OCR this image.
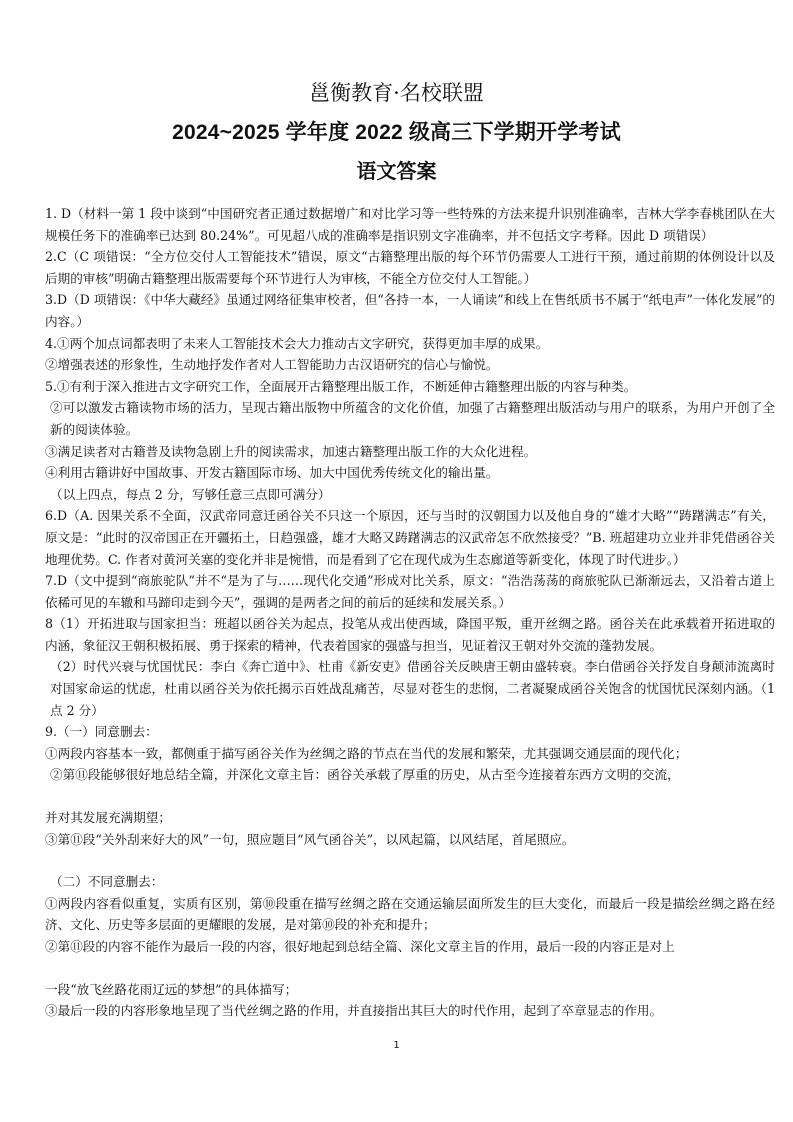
邕衡教育·名校联盟
2024~2025 学年度 2022 级高三下学期开学考试
语文答案

1. D（材料一第 1 段中谈到“中国研究者正通过数据增广和对比学习等一些特殊的方法来提升识别准确率，吉林大学李春桃团队在大规模任务下的准确率已达到 80.24%”。可见超八成的准确率是指识别文字准确率，并不包括文字考释。因此 D 项错误）

2.C（C 项错误：“全方位交付人工智能技术”错误，原文“古籍整理出版的每个环节仍需要人工进行干预，通过前期的体例设计以及后期的审核”明确古籍整理出版需要每个环节进行人为审核，不能全方位交付人工智能。）

3.D（D 项错误：《中华大藏经》虽通过网络征集审校者，但“各持一本，一人诵读”和线上在售纸质书不属于“纸电声”一体化发展”的内容。）

4.①两个加点词都表明了未来人工智能技术会大力推动古文字研究，获得更加丰厚的成果。

②增强表述的形象性，生动地抒发作者对人工智能助力古汉语研究的信心与愉悦。

5.①有利于深入推进古文字研究工作，全面展开古籍整理出版工作，不断延伸古籍整理出版的内容与种类。

②可以激发古籍读物市场的活力，呈现古籍出版物中所蕴含的文化价值，加强了古籍整理出版活动与用户的联系，为用户开创了全新的阅读体验。

③满足读者对古籍普及读物急剧上升的阅读需求，加速古籍整理出版工作的大众化进程。

④利用古籍讲好中国故事、开发古籍国际市场、加大中国优秀传统文化的输出量。

（以上四点，每点 2 分，写够任意三点即可满分）

6.D（A. 因果关系不全面，汉武帝同意迁函谷关不只这一个原因，还与当时的汉朝国力以及他自身的“雄才大略”“踌躇满志”有关，原文是：“此时的汉帝国正在开疆拓土，日趋强盛，雄才大略又踌躇满志的汉武帝怎不欣然接受？”B. 班超建功立业并非凭借函谷关地理优势。C. 作者对黄河关塞的变化并非是惋惜，而是看到了它在现代成为生态廊道等新变化，体现了时代进步。）

7.D（文中提到“商旅驼队”并不“是为了与……现代化交通”形成对比关系，原文：“浩浩荡荡的商旅驼队已渐渐远去，又沿着古道上依稀可见的车辙和马蹄印走到今天”，强调的是两者之间的前后的延续和发展关系。）

8（1）开拓进取与国家担当：班超以函谷关为起点，投笔从戎出使西域，降国平叛，重开丝绸之路。函谷关在此承载着开拓进取的内涵，象征汉王朝积极拓展、勇于探索的精神，代表着国家的强盛与担当，见证着汉王朝对外交流的蓬勃发展。

（2）时代兴衰与忧国忧民：李白《奔亡道中》、杜甫《新安吏》借函谷关反映唐王朝由盛转衰。李白借函谷关抒发自身颠沛流离时对国家命运的忧虑，杜甫以函谷关为依托揭示百姓战乱痛苦，尽显对苍生的悲悯，二者凝聚成函谷关饱含的忧国忧民深刻内涵。（1 点 2 分）

9.（一）同意删去：

①两段内容基本一致，都侧重于描写函谷关作为丝绸之路的节点在当代的发展和繁荣，尤其强调交通层面的现代化；

②第⑪段能够很好地总结全篇，并深化文章主旨：函谷关承载了厚重的历史，从古至今连接着东西方文明的交流，

并对其发展充满期望；

③第⑪段“关外刮来好大的风”一句，照应题目“风气函谷关”，以风起篇，以风结尾，首尾照应。

（二）不同意删去：

①两段内容看似重复，实质有区别，第⑩段重在描写丝绸之路在交通运输层面所发生的巨大变化，而最后一段是描绘丝绸之路在经济、文化、历史等多层面的更耀眼的发展，是对第⑩段的补充和提升；

②第⑪段的内容不能作为最后一段的内容，很好地起到总结全篇、深化文章主旨的作用，最后一段的内容正是对上

一段“放飞丝路花雨辽远的梦想”的具体描写；

③最后一段的内容形象地呈现了当代丝绸之路的作用，并直接指出其巨大的时代作用，起到了卒章显志的作用。

1
